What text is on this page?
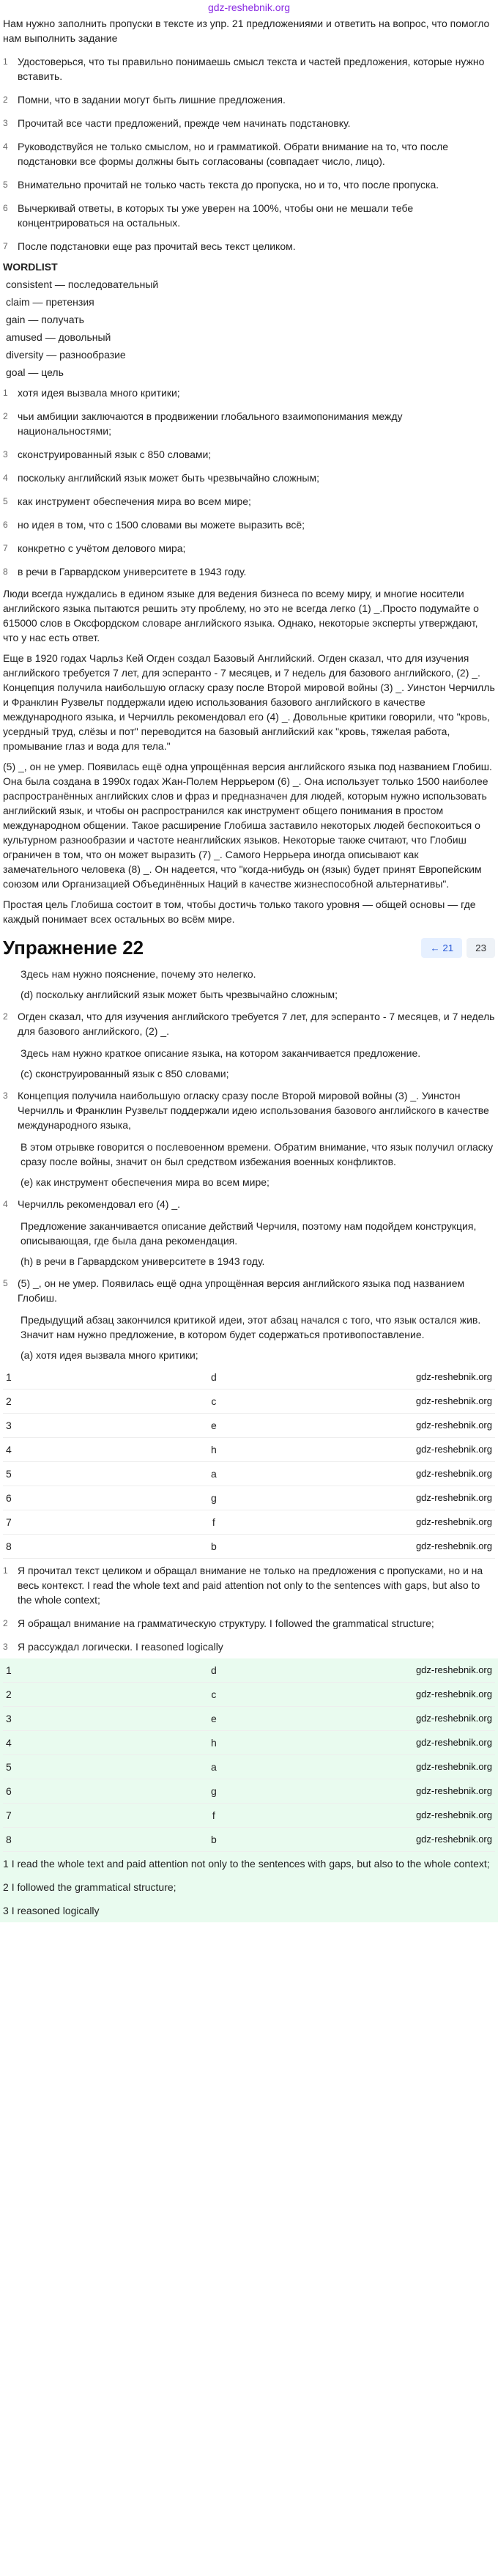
gdz-reshebnik.org
Нам нужно заполнить пропуски в тексте из упр. 21 предложениями и ответить на вопрос, что помогло нам выполнить задание
1 Удостоверься, что ты правильно понимаешь смысл текста и частей предложения, которые нужно вставить.
2 Помни, что в задании могут быть лишние предложения.
3 Прочитай все части предложений, прежде чем начинать подстановку.
4 Руководствуйся не только смыслом, но и грамматикой. Обрати внимание на то, что после подстановки все формы должны быть согласованы (совпадает число, лицо).
5 Внимательно прочитай не только часть текста до пропуска, но и то, что после пропуска.
6 Вычеркивай ответы, в которых ты уже уверен на 100%, чтобы они не мешали тебе концентрироваться на остальных.
7 После подстановки еще раз прочитай весь текст целиком.
WORDLIST
consistent — последовательный
claim — претензия
gain — получать
amused — довольный
diversity — разнообразие
goal — цель
1 хотя идея вызвала много критики;
2 чьи амбиции заключаются в продвижении глобального взаимопонимания между национальностями;
3 сконструированный язык с 850 словами;
4 поскольку английский язык может быть чрезвычайно сложным;
5 как инструмент обеспечения мира во всем мире;
6 но идея в том, что с 1500 словами вы можете выразить всё;
7 конкретно с учётом делового мира;
8 в речи в Гарвардском университете в 1943 году.
Люди всегда нуждались в едином языке для ведения бизнеса по всему миру, и многие носители английского языка пытаются решить эту проблему, но это не всегда легко (1) _.Просто подумайте о 615000 слов в Оксфордском словаре английского языка. Однако, некоторые эксперты утверждают, что у нас есть ответ.
Еще в 1920 годах Чарльз Кей Огден создал Базовый Английский. Огден сказал, что для изучения английского требуется 7 лет, для эсперанто - 7 месяцев, и 7 недель для базового английского, (2) _. Концепция получила наибольшую огласку сразу после Второй мировой войны (3) _. Уинстон Черчилль и Франклин Рузвельт поддержали идею использования базового английского в качестве международного языка, и Черчилль рекомендовал его (4) _. Довольные критики говорили, что "кровь, усердный труд, слёзы и пот" переводится на базовый английский как "кровь, тяжелая работа, промывание глаз и вода для тела."
(5) _, он не умер. Появилась ещё одна упрощённая версия английского языка под названием Глобиш. Она была создана в 1990х годах Жан-Полем Неррьером (6) _. Она использует только 1500 наиболее распространённых английских слов и фраз и предназначен для людей, которым нужно использовать английский язык, и чтобы он распространился как инструмент общего понимания в простом международном общении. Такое расширение Глобиша заставило некоторых людей беспокоиться о культурном разнообразии и частоте неанглийских языков. Некоторые также считают, что Глобиш ограничен в том, что он может выразить (7) _. Самого Неррьера иногда описывают как замечательного человека (8) _. Он надеется, что "когда-нибудь он (язык) будет принят Европейским союзом или Организацией Объединённых Наций в качестве жизнеспособной альтернативы".
Простая цель Глобиша состоит в том, чтобы достичь только такого уровня — общей основы — где каждый понимает всех остальных во всём мире.
Упражнение 22	← 21	23
Здесь нам нужно пояснение, почему это нелегко.
(d) поскольку английский язык может быть чрезвычайно сложным;
2 Огден сказал, что для изучения английского требуется 7 лет, для эсперанто - 7 месяцев, и 7 недель для базового английского, (2) _.
Здесь нам нужно краткое описание языка, на котором заканчивается предложение.
(c) сконструированный язык с 850 словами;
3 Концепция получила наибольшую огласку сразу после Второй мировой войны (3) _. Уинстон Черчилль и Франклин Рузвельт поддержали идею использования базового английского в качестве международного языка,
В этом отрывке говорится о послевоенном времени. Обратим внимание, что язык получил огласку сразу после войны, значит он был средством избежания военных конфликтов.
(e) как инструмент обеспечения мира во всем мире;
4 Черчилль рекомендовал его (4) _.
Предложение заканчивается описание действий Черчиля, поэтому нам подойдем конструкция, описывающая, где была дана рекомендация.
(h) в речи в Гарвардском университете в 1943 году.
5 (5) _, он не умер. Появилась ещё одна упрощённая версия английского языка под названием Глобиш.
Предыдущий абзац закончился критикой идеи, этот абзац начался с того, что язык остался жив. Значит нам нужно предложение, в котором будет содержаться противопоставление.
(a) хотя идея вызвала много критики;
1	d	gdz-reshebnik.org
2	c	gdz-reshebnik.org
3	e	gdz-reshebnik.org
4	h	gdz-reshebnik.org
5	a	gdz-reshebnik.org
6	g	gdz-reshebnik.org
7	f	gdz-reshebnik.org
8	b	gdz-reshebnik.org
1 Я прочитал текст целиком и обращал внимание не только на предложения с пропусками, но и на весь контекст. I read the whole text and paid attention not only to the sentences with gaps, but also to the whole context;
2 Я обращал внимание на грамматическую структуру. I followed the grammatical structure;
3 Я рассуждал логически. I reasoned logically
1	d	gdz-reshebnik.org
2	c	gdz-reshebnik.org
3	e	gdz-reshebnik.org
4	h	gdz-reshebnik.org
5	a	gdz-reshebnik.org
6	g	gdz-reshebnik.org
7	f	gdz-reshebnik.org
8	b	gdz-reshebnik.org
1 I read the whole text and paid attention not only to the sentences with gaps, but also to the whole context;
2 I followed the grammatical structure;
3 I reasoned logically
